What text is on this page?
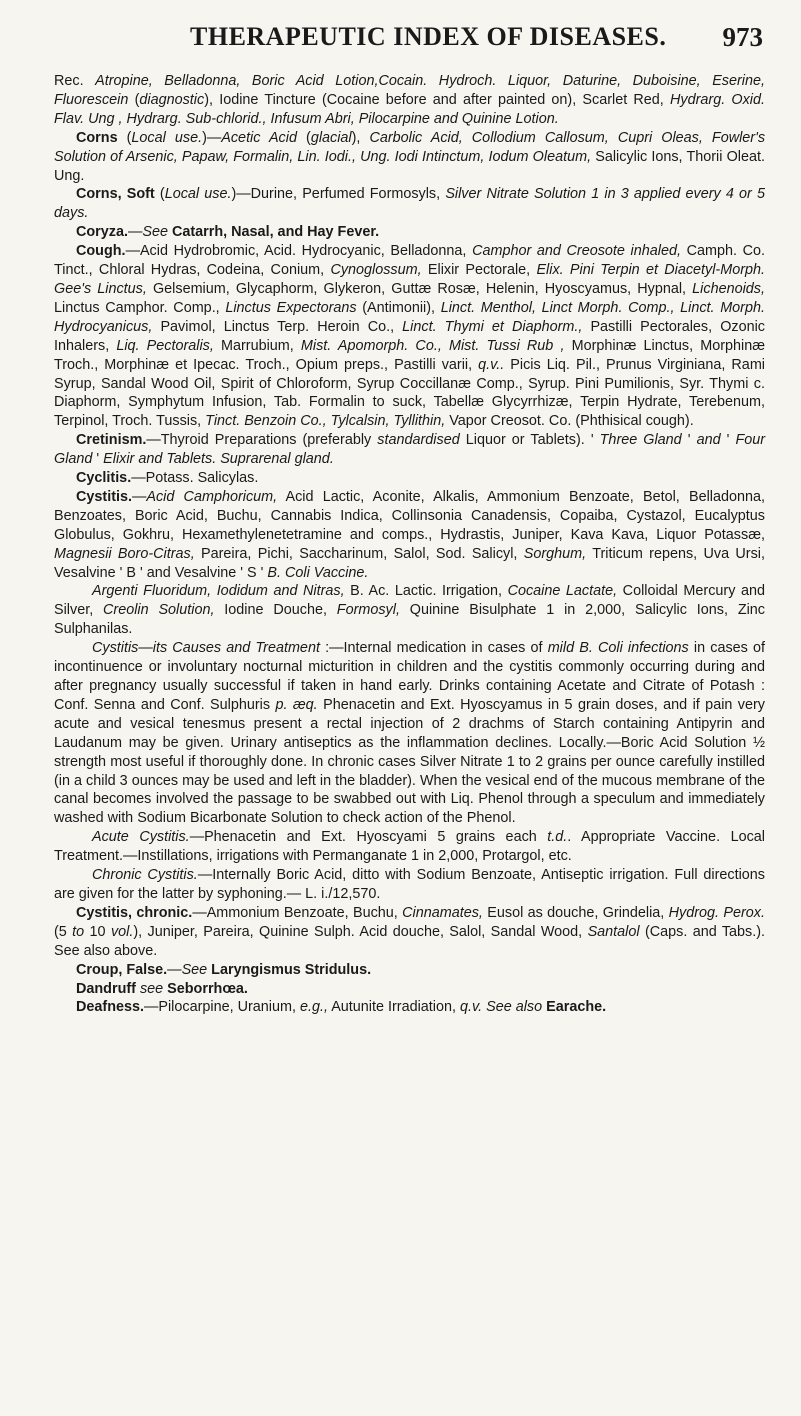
THERAPEUTIC INDEX OF DISEASES. 973

Rec. Atropine, Belladonna, Boric Acid Lotion,Cocain. Hydroch. Liquor, Daturine, Duboisine, Eserine, Fluorescein (diagnostic), Iodine Tincture (Cocaine before and after painted on), Scarlet Red, Hydrarg. Oxid. Flav. Ung , Hydrarg. Sub-chlorid., Infusum Abri, Pilocarpine and Quinine Lotion.

Corns (Local use.)—Acetic Acid (glacial), Carbolic Acid, Collodium Callosum, Cupri Oleas, Fowler's Solution of Arsenic, Papaw, Formalin, Lin. Iodi., Ung. Iodi Intinctum, Iodum Oleatum, Salicylic Ions, Thorii Oleat. Ung.

Corns, Soft (Local use.)—Durine, Perfumed Formosyls, Silver Nitrate Solution 1 in 3 applied every 4 or 5 days.

Coryza.—See Catarrh, Nasal, and Hay Fever.

Cough.—Acid Hydrobromic, Acid. Hydrocyanic, Belladonna, Camphor and Creosote inhaled, Camph. Co. Tinct., Chloral Hydras, Codeina, Conium, Cynoglossum, Elixir Pectorale, Elix. Pini Terpin et Diacetyl-Morph. Gee's Linctus, Gelsemium, Glycaphorm, Glykeron, Guttæ Rosæ, Helenin, Hyoscyamus, Hypnal, Lichenoids, Linctus Camphor. Comp., Linctus Expectorans (Antimonii), Linct. Menthol, Linct Morph. Comp., Linct. Morph. Hydrocyanicus, Pavimol, Linctus Terp. Heroin Co., Linct. Thymi et Diaphorm., Pastilli Pectorales, Ozonic Inhalers, Liq. Pectoralis, Marrubium, Mist. Apomorph. Co., Mist. Tussi Rub , Morphinæ Linctus, Morphinæ Troch., Morphinæ et Ipecac. Troch., Opium preps., Pastilli varii, q.v.. Picis Liq. Pil., Prunus Virginiana, Rami Syrup, Sandal Wood Oil, Spirit of Chloroform, Syrup Coccillanæ Comp., Syrup. Pini Pumilionis, Syr. Thymi c. Diaphorm, Symphytum Infusion, Tab. Formalin to suck, Tabellæ Glycyrrhizæ, Terpin Hydrate, Terebenum, Terpinol, Troch. Tussis, Tinct. Benzoin Co., Tylcalsin, Tyllithin, Vapor Creosot. Co. (Phthisical cough).

Cretinism.—Thyroid Preparations (preferably standardised Liquor or Tablets). ' Three Gland ' and ' Four Gland ' Elixir and Tablets. Suprarenal gland.

Cyclitis.—Potass. Salicylas.

Cystitis.—Acid Camphoricum, Acid Lactic, Aconite, Alkalis, Ammonium Benzoate, Betol, Belladonna, Benzoates, Boric Acid, Buchu, Cannabis Indica, Collinsonia Canadensis, Copaiba, Cystazol, Eucalyptus Globulus, Gokhru, Hexamethylenetetramine and comps., Hydrastis, Juniper, Kava Kava, Liquor Potassæ, Magnesii Boro-Citras, Pareira, Pichi, Saccharinum, Salol, Sod. Salicyl, Sorghum, Triticum repens, Uva Ursi, Vesalvine ' B ' and Vesalvine ' S ' B. Coli Vaccine.

Argenti Fluoridum, Iodidum and Nitras, B. Ac. Lactic. Irrigation, Cocaine Lactate, Colloidal Mercury and Silver, Creolin Solution, Iodine Douche, Formosyl, Quinine Bisulphate 1 in 2,000, Salicylic Ions, Zinc Sulphanilas.

Cystitis—its Causes and Treatment :—Internal medication in cases of mild B. Coli infections in cases of incontinuence or involuntary nocturnal micturition in children and the cystitis commonly occurring during and after pregnancy usually successful if taken in hand early. Drinks containing Acetate and Citrate of Potash : Conf. Senna and Conf. Sulphuris p. æq. Phenacetin and Ext. Hyoscyamus in 5 grain doses, and if pain very acute and vesical tenesmus present a rectal injection of 2 drachms of Starch containing Antipyrin and Laudanum may be given. Urinary antiseptics as the inflammation declines. Locally.—Boric Acid Solution ½ strength most useful if thoroughly done. In chronic cases Silver Nitrate 1 to 2 grains per ounce carefully instilled (in a child 3 ounces may be used and left in the bladder). When the vesical end of the mucous membrane of the canal becomes involved the passage to be swabbed out with Liq. Phenol through a speculum and immediately washed with Sodium Bicarbonate Solution to check action of the Phenol.

Acute Cystitis.—Phenacetin and Ext. Hyoscyami 5 grains each t.d.. Appropriate Vaccine. Local Treatment.—Instillations, irrigations with Permanganate 1 in 2,000, Protargol, etc.

Chronic Cystitis.—Internally Boric Acid, ditto with Sodium Benzoate, Antiseptic irrigation. Full directions are given for the latter by syphoning.— L. i./12,570.

Cystitis, chronic.—Ammonium Benzoate, Buchu, Cinnamates, Eusol as douche, Grindelia, Hydrog. Perox. (5 to 10 vol.), Juniper, Pareira, Quinine Sulph. Acid douche, Salol, Sandal Wood, Santalol (Caps. and Tabs.). See also above.

Croup, False.—See Laryngismus Stridulus.

Dandruff see Seborrhœa.

Deafness.—Pilocarpine, Uranium, e.g., Autunite Irradiation, q.v. See also Earache.
